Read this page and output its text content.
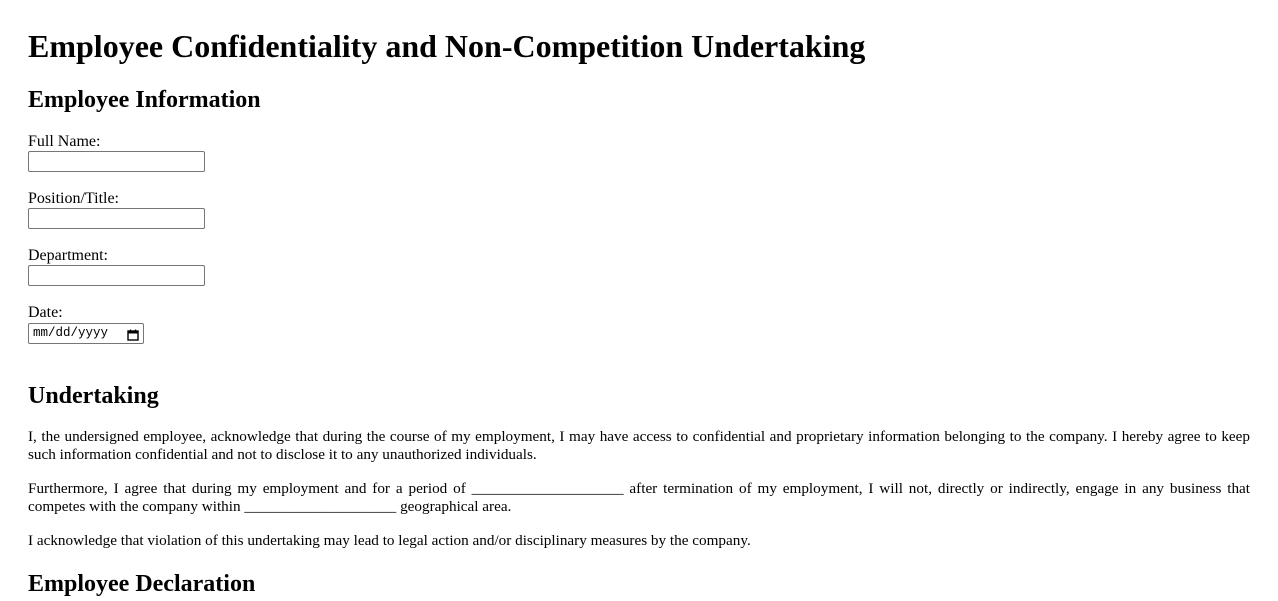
Employee Confidentiality and Non-Competition Undertaking
Employee Information
Full Name:
Position/Title:
Department:
Date:
mm/dd/yyyy
Undertaking

I, the undersigned employee, acknowledge that during the course of my employment, I may have access to confidential and proprietary information belonging to the company. I hereby agree to keep such information confidential and not to disclose it to any unauthorized individuals.

Furthermore, I agree that during my employment and for a period of ____________________ after termination of my employment, I will not, directly or indirectly, engage in any business that competes with the company within ____________________ geographical area.

I acknowledge that violation of this undertaking may lead to legal action and/or disciplinary measures by the company.

Employee Declaration
